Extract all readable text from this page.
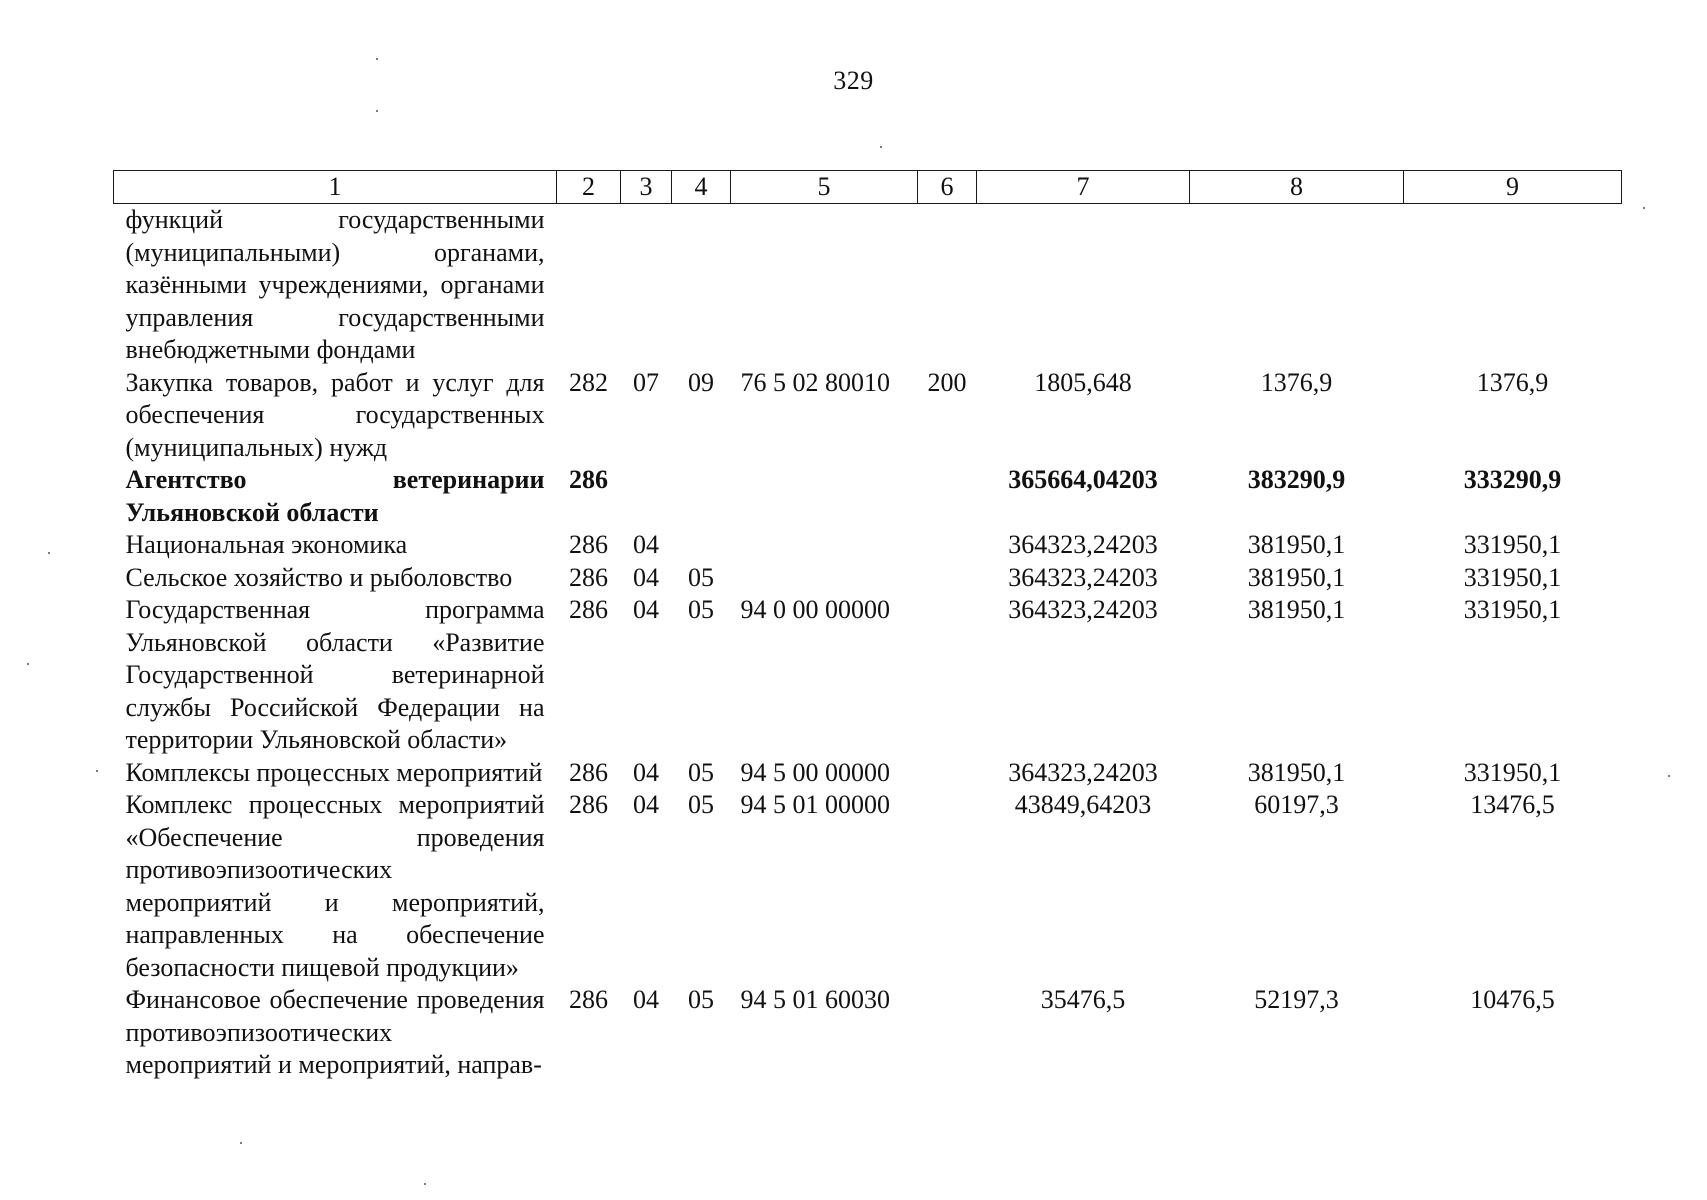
329
1	2	3	4	5	6	7	8	9
функций государственными (муниципальными) органами, казёнными учреждениями, органами управления государственными внебюджетными фондами								
Закупка товаров, работ и услуг для обеспечения государственных (муниципальных) нужд	282	07	09	76 5 02 80010	200	1805,648	1376,9	1376,9
Агентство ветеринарии Ульяновской области	286					365664,04203	383290,9	333290,9
Национальная экономика	286	04				364323,24203	381950,1	331950,1
Сельское хозяйство и рыболовство	286	04	05			364323,24203	381950,1	331950,1
Государственная программа Ульяновской области «Развитие Государственной ветеринарной службы Российской Федерации на территории Ульяновской области»	286	04	05	94 0 00 00000		364323,24203	381950,1	331950,1
Комплексы процессных мероприятий	286	04	05	94 5 00 00000		364323,24203	381950,1	331950,1
Комплекс процессных мероприятий «Обеспечение проведения противоэпизоотических мероприятий и мероприятий, направленных на обеспечение безопасности пищевой продукции»	286	04	05	94 5 01 00000		43849,64203	60197,3	13476,5
Финансовое обеспечение проведения противоэпизоотических мероприятий и мероприятий, направ-	286	04	05	94 5 01 60030		35476,5	52197,3	10476,5
